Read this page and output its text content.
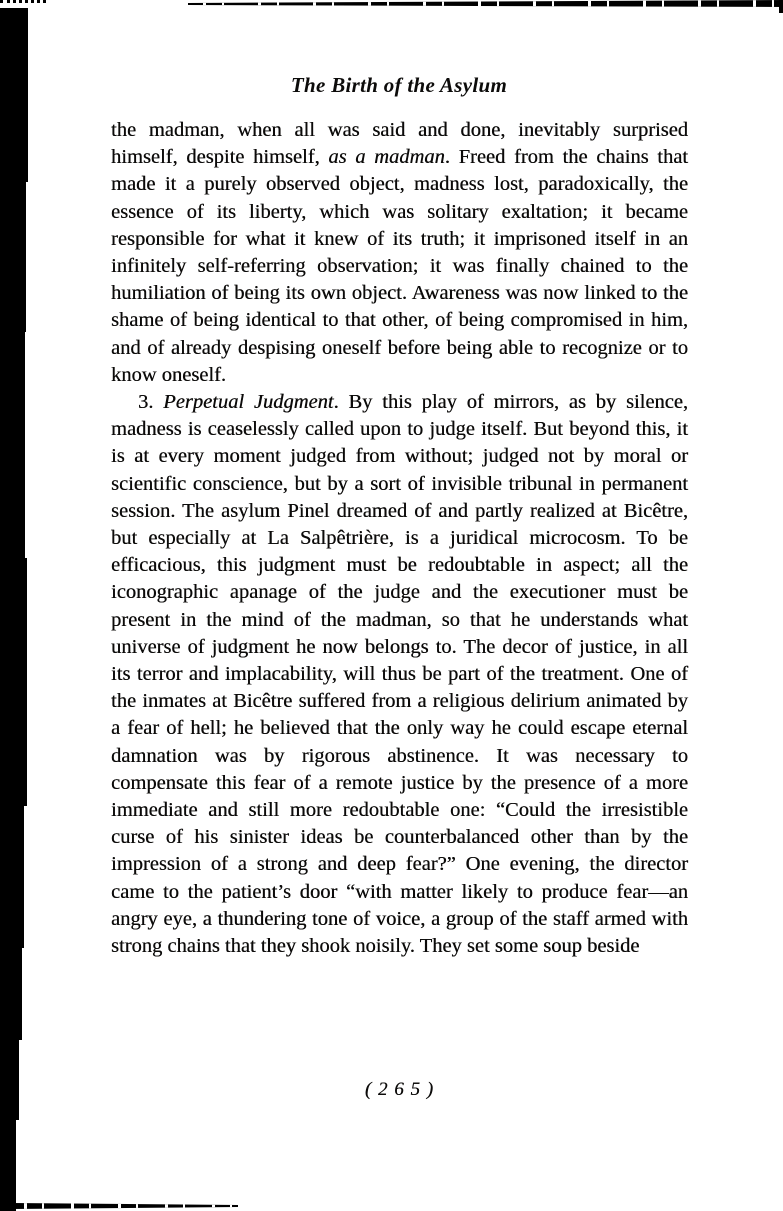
The Birth of the Asylum

the madman, when all was said and done, inevitably surprised himself, despite himself, as a madman. Freed from the chains that made it a purely observed object, madness lost, paradoxically, the essence of its liberty, which was solitary exaltation; it became responsible for what it knew of its truth; it imprisoned itself in an infinitely self-referring observation; it was finally chained to the humiliation of being its own object. Awareness was now linked to the shame of being identical to that other, of being compromised in him, and of already despising oneself before being able to recognize or to know oneself.

3. Perpetual Judgment. By this play of mirrors, as by silence, madness is ceaselessly called upon to judge itself. But beyond this, it is at every moment judged from without; judged not by moral or scientific conscience, but by a sort of invisible tribunal in permanent session. The asylum Pinel dreamed of and partly realized at Bicêtre, but especially at La Salpêtrière, is a juridical microcosm. To be efficacious, this judgment must be redoubtable in aspect; all the iconographic apanage of the judge and the executioner must be present in the mind of the madman, so that he understands what universe of judgment he now belongs to. The decor of justice, in all its terror and implacability, will thus be part of the treatment. One of the inmates at Bicêtre suffered from a religious delirium animated by a fear of hell; he believed that the only way he could escape eternal damnation was by rigorous abstinence. It was necessary to compensate this fear of a remote justice by the presence of a more immediate and still more redoubtable one: “Could the irresistible curse of his sinister ideas be counterbalanced other than by the impression of a strong and deep fear?” One evening, the director came to the patient’s door “with matter likely to produce fear—an angry eye, a thundering tone of voice, a group of the staff armed with strong chains that they shook noisily. They set some soup beside

( 2 6 5 )
